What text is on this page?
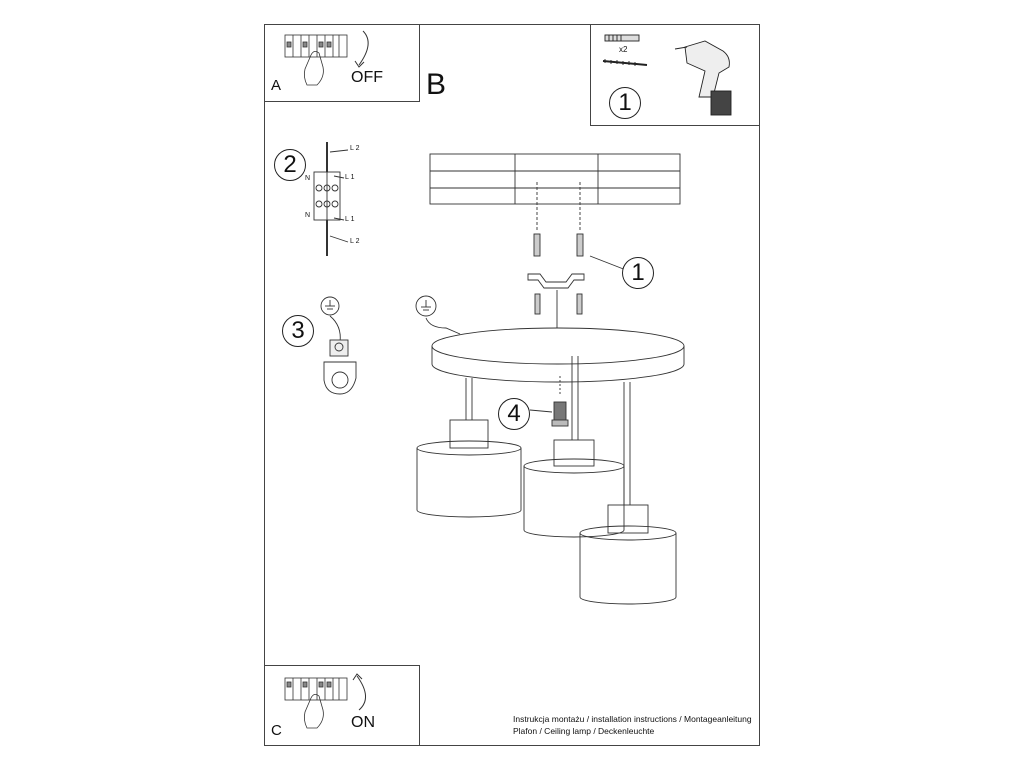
A	OFF B
x2
1
L 2
N	L 1
N
L 1
L 2
2
3
1
4
C	ON	Instrukcja montażu / installation instructions / Montageanleitung
Plafon / Ceiling lamp / Deckenleuchte
